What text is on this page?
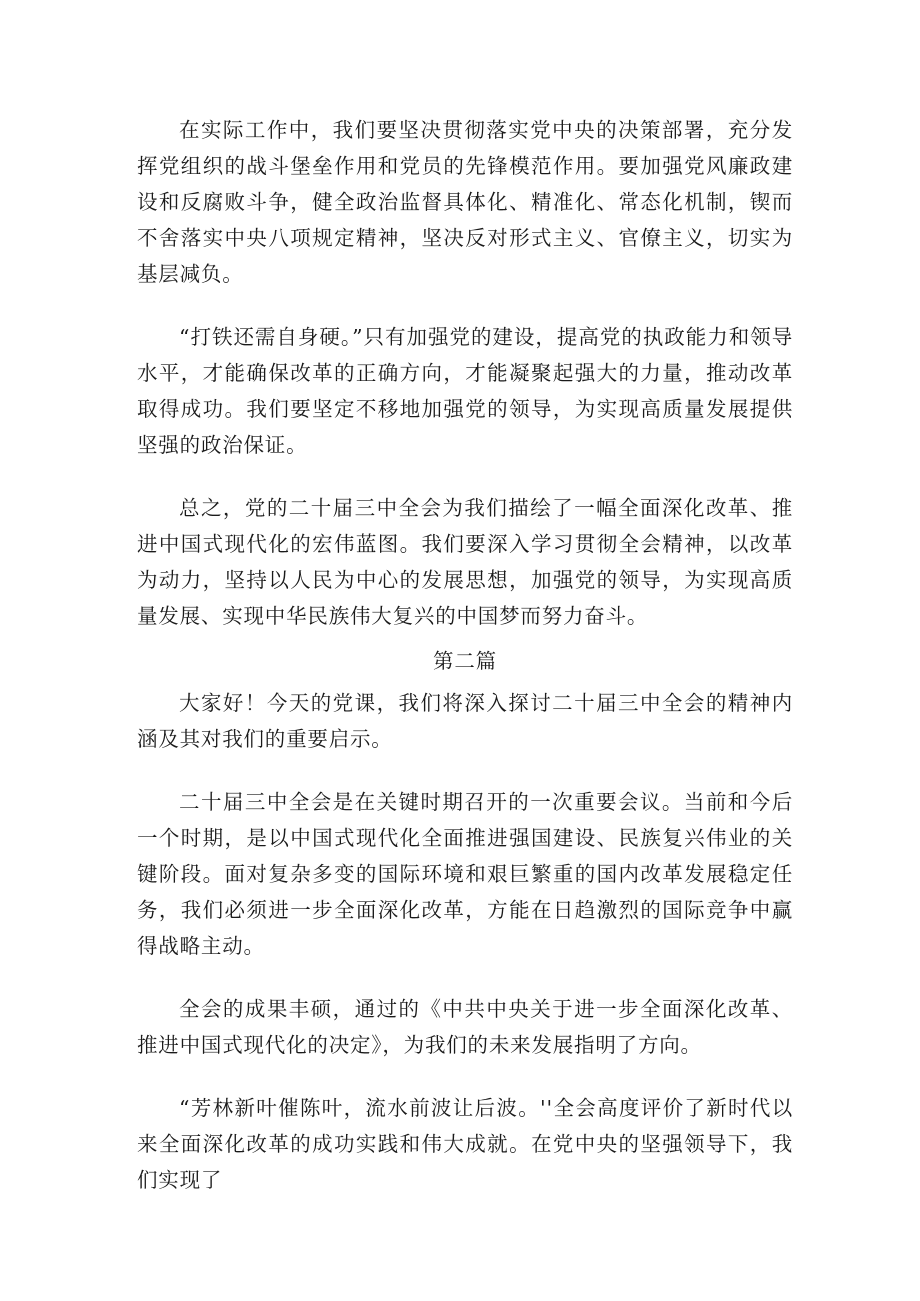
在实际工作中，我们要坚决贯彻落实党中央的决策部署，充分发挥党组织的战斗堡垒作用和党员的先锋模范作用。要加强党风廉政建设和反腐败斗争，健全政治监督具体化、精准化、常态化机制，锲而不舍落实中央八项规定精神，坚决反对形式主义、官僚主义，切实为基层减负。

“打铁还需自身硬。”只有加强党的建设，提高党的执政能力和领导水平，才能确保改革的正确方向，才能凝聚起强大的力量，推动改革取得成功。我们要坚定不移地加强党的领导，为实现高质量发展提供坚强的政治保证。

总之，党的二十届三中全会为我们描绘了一幅全面深化改革、推进中国式现代化的宏伟蓝图。我们要深入学习贯彻全会精神，以改革为动力，坚持以人民为中心的发展思想，加强党的领导，为实现高质量发展、实现中华民族伟大复兴的中国梦而努力奋斗。

第二篇

大家好！今天的党课，我们将深入探讨二十届三中全会的精神内涵及其对我们的重要启示。

二十届三中全会是在关键时期召开的一次重要会议。当前和今后一个时期，是以中国式现代化全面推进强国建设、民族复兴伟业的关键阶段。面对复杂多变的国际环境和艰巨繁重的国内改革发展稳定任务，我们必须进一步全面深化改革，方能在日趋激烈的国际竞争中赢得战略主动。

全会的成果丰硕，通过的《中共中央关于进一步全面深化改革、推进中国式现代化的决定》，为我们的未来发展指明了方向。

“芳林新叶催陈叶，流水前波让后波。''全会高度评价了新时代以来全面深化改革的成功实践和伟大成就。在党中央的坚强领导下，我们实现了
